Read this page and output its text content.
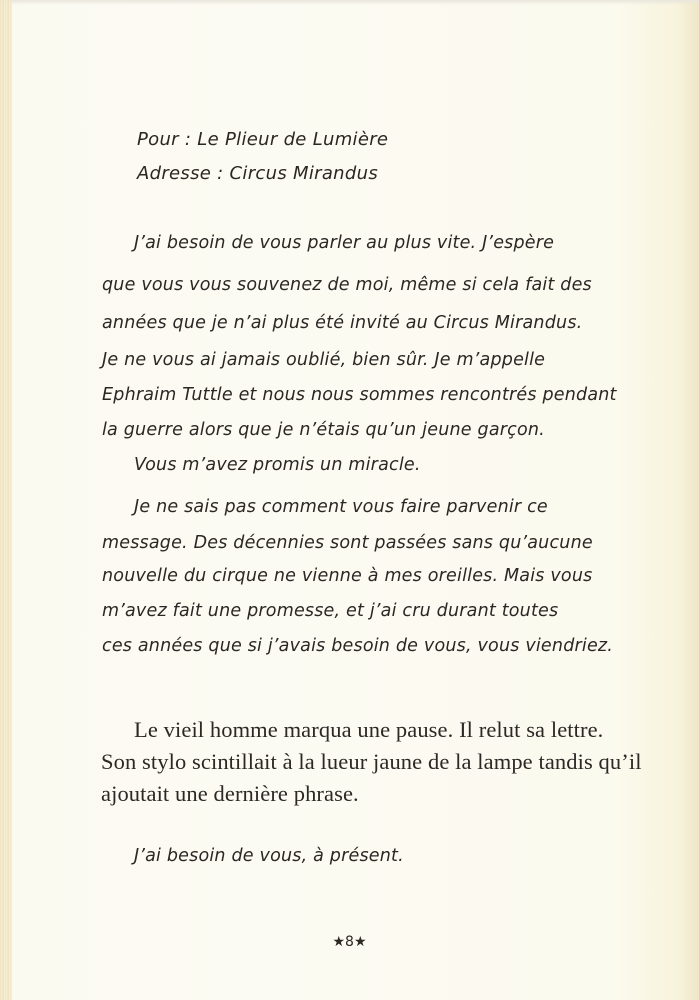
Pour : Le Plieur de Lumière
Adresse : Circus Mirandus
J’ai besoin de vous parler au plus vite. J’espère
que vous vous souvenez de moi, même si cela fait des
années que je n’ai plus été invité au Circus Mirandus.
Je ne vous ai jamais oublié, bien sûr. Je m’appelle
Ephraim Tuttle et nous nous sommes rencontrés pendant
la guerre alors que je n’étais qu’un jeune garçon.
Vous m’avez promis un miracle.
Je ne sais pas comment vous faire parvenir ce
message. Des décennies sont passées sans qu’aucune
nouvelle du cirque ne vienne à mes oreilles. Mais vous
m’avez fait une promesse, et j’ai cru durant toutes
ces années que si j’avais besoin de vous, vous viendriez.
Le vieil homme marqua une pause. Il relut sa lettre.
Son stylo scintillait à la lueur jaune de la lampe tandis qu’il
ajoutait une dernière phrase.
J’ai besoin de vous, à présent.
★8★
